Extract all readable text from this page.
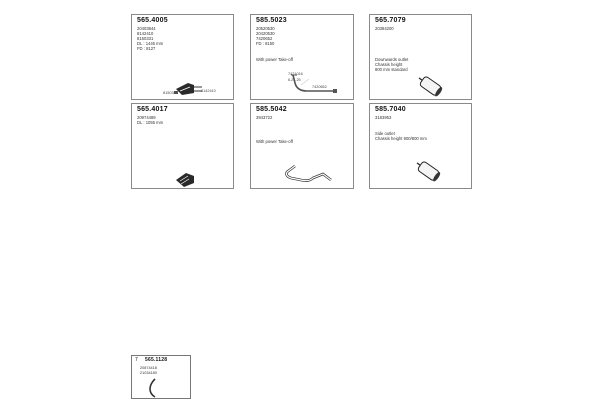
565.4005
20403844
8142410
8150331
DL : 1445 mm
FD : 8127
8150331	8142410
585.5023
20520530
20420530
7420652
FD : 8150
With power Take-off
7421016
6.21.25
7420652
565.7079
20384200
Downwards outlet
Chassis height
800 mm standard
565.4017
20974489
DL : 1055 mm
585.5042
3943722
With power Take-off
585.7040
3183953
Side outlet
Chassis height 900/800 mm
7 565.1128
20874418
21034180
